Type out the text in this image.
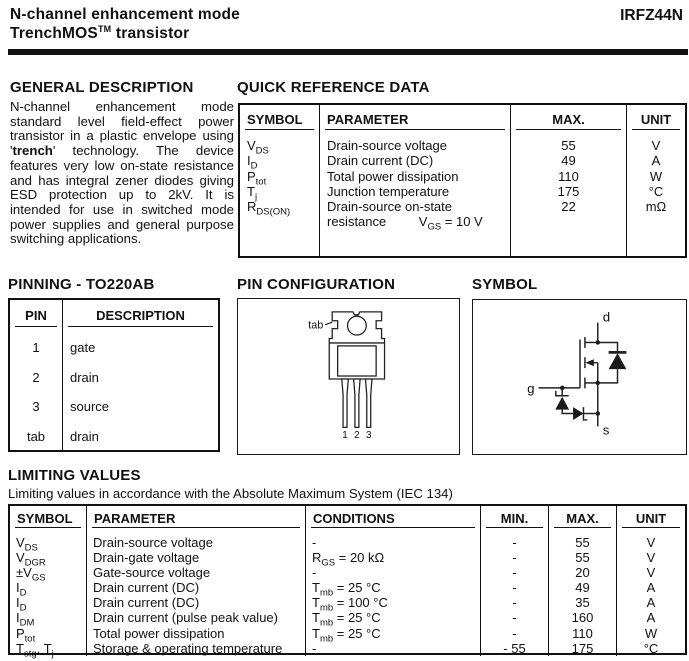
N-channel enhancement mode
TrenchMOS™ transistor
IRFZ44N
GENERAL DESCRIPTION
N-channel enhancement mode standard level field-effect power transistor in a plastic envelope using 'trench' technology. The device features very low on-state resistance and has integral zener diodes giving ESD protection up to 2kV. It is intended for use in switched mode power supplies and general purpose switching applications.
QUICK REFERENCE DATA
SYMBOL
$V_{DS}$
$I_D$
$P_{tot}$
$T_j$
$R_{DS(ON)}$
PARAMETER
Drain-source voltage
Drain current (DC)
Total power dissipation
Junction temperature
Drain-source on-state
resistance         $V_{GS} = 10$ V
MAX.
55
49
110
175
22
UNIT
V
A
W
°C
mΩ
PINNING - TO220AB
PIN
1
2
3
tab
DESCRIPTION
gate
drain
source
drain
PIN CONFIGURATION
tab
1 2 3
SYMBOL
d
g
s
LIMITING VALUES
Limiting values in accordance with the Absolute Maximum System (IEC 134)
SYMBOL
$V_{DS}$
$V_{DGR}$
$\pm V_{GS}$
$I_D$
$I_D$
$I_{DM}$
$P_{tot}$
$T_{stg}$, $T_j$
PARAMETER
Drain-source voltage
Drain-gate voltage
Gate-source voltage
Drain current (DC)
Drain current (DC)
Drain current (pulse peak value)
Total power dissipation
Storage & operating temperature
CONDITIONS
-
$R_{GS} = 20$ kΩ
-
$T_{mb} = 25$ °C
$T_{mb} = 100$ °C
$T_{mb} = 25$ °C
$T_{mb} = 25$ °C
-
MIN.
-
-
-
-
-
-
-
- 55
MAX.
55
55
20
49
35
160
110
175
UNIT
V
V
V
A
A
A
W
°C
